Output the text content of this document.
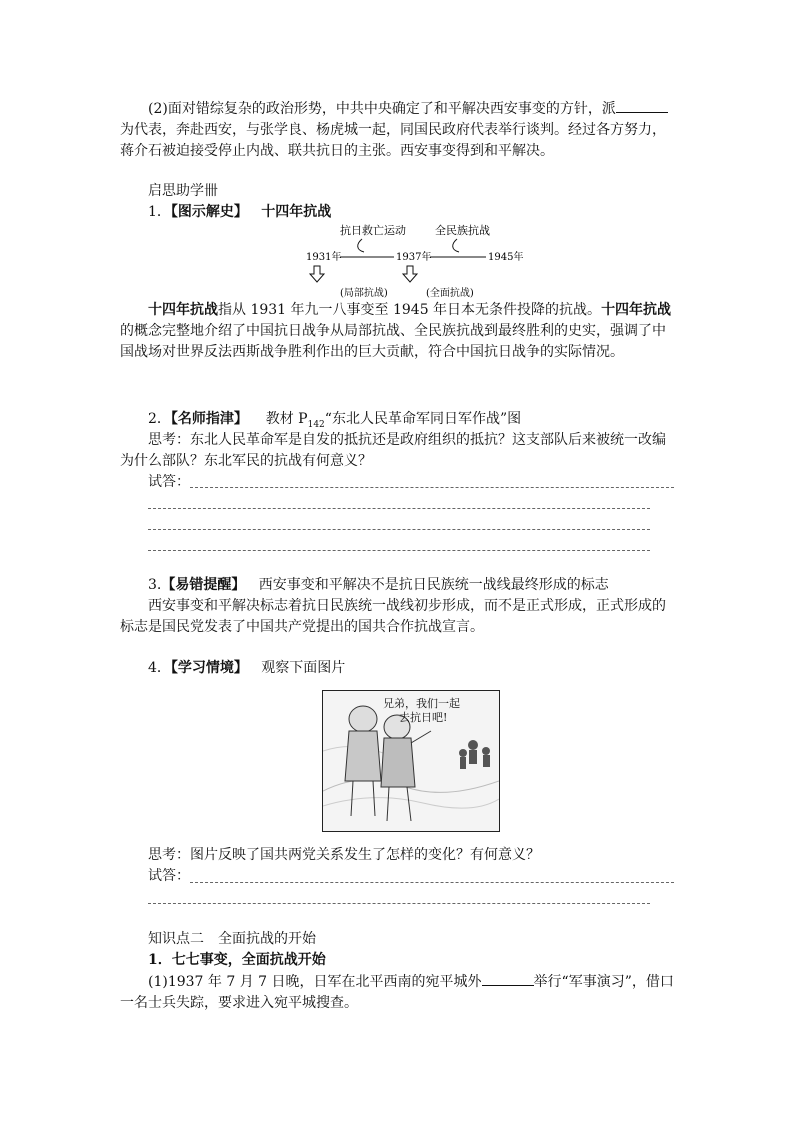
(2)面对错综复杂的政治形势，中共中央确定了和平解决西安事变的方针，派为代表，奔赴西安，与张学良、杨虎城一起，同国民政府代表举行谈判。经过各方努力，蒋介石被迫接受停止内战、联共抗日的主张。西安事变得到和平解决。

启思助学卌

1．【图示解史】 十四年抗战

抗日救亡运动	全民族抗战
1931年	1937年	1945年
(局部抗战)	(全面抗战)

十四年抗战指从 1931 年九一八事变至 1945 年日本无条件投降的抗战。十四年抗战的概念完整地介绍了中国抗日战争从局部抗战、全民族抗战到最终胜利的史实，强调了中国战场对世界反法西斯战争胜利作出的巨大贡献，符合中国抗日战争的实际情况。

2．【名师指津】 教材 $P_{142}“$东北人民革命军同日军作战”图

思考：东北人民革命军是自发的抵抗还是政府组织的抵抗？这支部队后来被统一改编为什么部队？东北军民的抗战有何意义？

试答：

3.【易错提醒】 西安事变和平解决不是抗日民族统一战线最终形成的标志

西安事变和平解决标志着抗日民族统一战线初步形成，而不是正式形成，正式形成的标志是国民党发表了中国共产党提出的国共合作抗战宣言。

4．【学习情境】 观察下面图片

兄弟，我们一起
去抗日吧!

思考：图片反映了国共两党关系发生了怎样的变化？有何意义？

试答：

知识点二　全面抗战的开始

1．七七事变，全面抗战开始

(1)1937 年 7 月 7 日晚，日军在北平西南的宛平城外	举行“军事演习”，借口一名士兵失踪，要求进入宛平城搜查。
